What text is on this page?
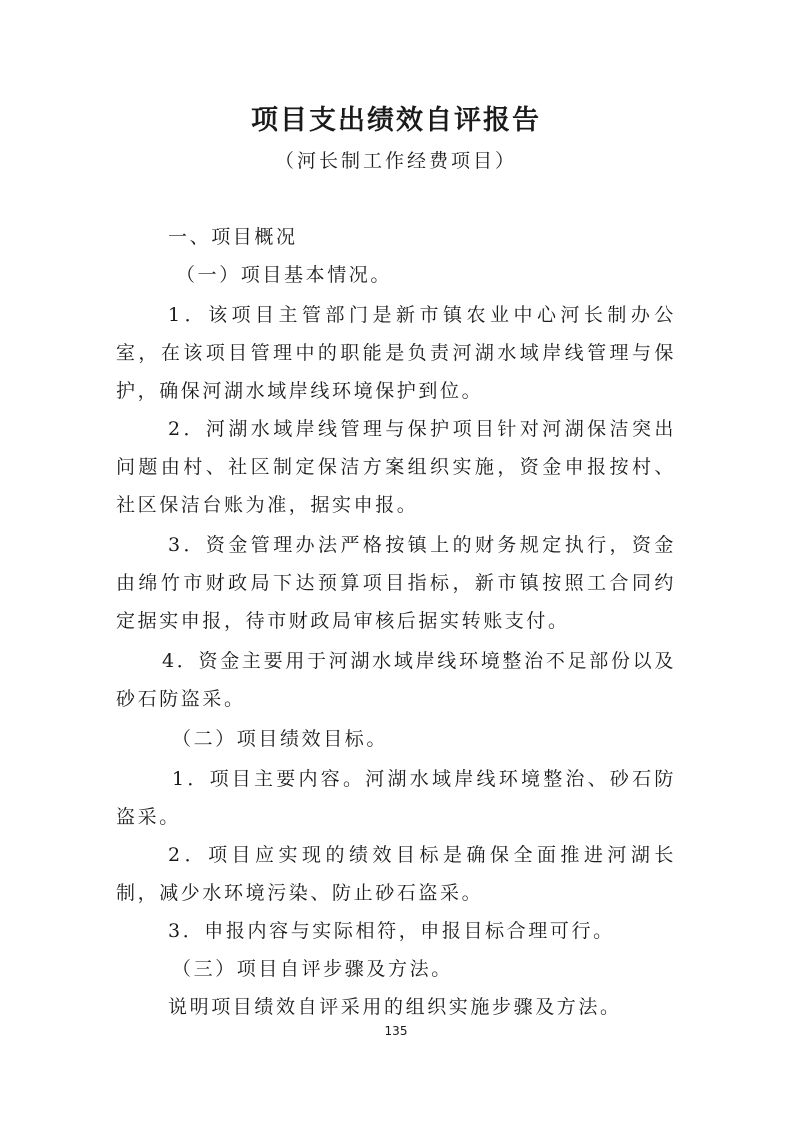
项目支出绩效自评报告
（河长制工作经费项目）

一、项目概况

（一）项目基本情况。

1．该项目主管部门是新市镇农业中心河长制办公室，在该项目管理中的职能是负责河湖水域岸线管理与保护，确保河湖水域岸线环境保护到位。

2．河湖水域岸线管理与保护项目针对河湖保洁突出问题由村、社区制定保洁方案组织实施，资金申报按村、社区保洁台账为准，据实申报。

3．资金管理办法严格按镇上的财务规定执行，资金由绵竹市财政局下达预算项目指标，新市镇按照工合同约定据实申报，待市财政局审核后据实转账支付。

4．资金主要用于河湖水域岸线环境整治不足部份以及砂石防盗采。

（二）项目绩效目标。

1．项目主要内容。河湖水域岸线环境整治、砂石防盗采。

2．项目应实现的绩效目标是确保全面推进河湖长制，减少水环境污染、防止砂石盗采。

3．申报内容与实际相符，申报目标合理可行。

（三）项目自评步骤及方法。

说明项目绩效自评采用的组织实施步骤及方法。

135
